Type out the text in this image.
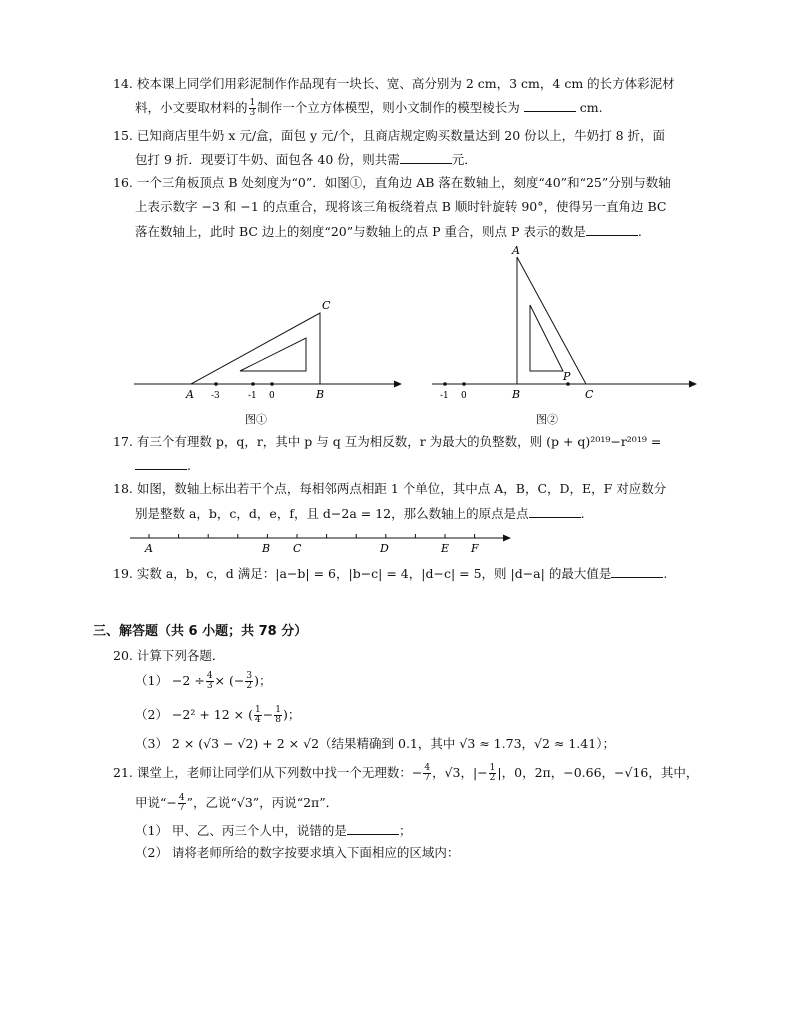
14. 校本课上同学们用彩泥制作作品现有一块长、宽、高分别为 2 cm，3 cm，4 cm 的长方体彩泥材
料，小文要取材料的 $\frac{1}{3}$ 制作一个立方体模型，则小文制作的模型棱长为	cm.
15. 已知商店里牛奶 x 元/盒，面包 y 元/个，且商店规定购买数量达到 20 份以上，牛奶打 8 折，面
包打 9 折．现要订牛奶、面包各 40 份，则共需	元．
16. 一个三角板顶点 B 处刻度为“0”．如图①，直角边 AB 落在数轴上，刻度“40”和“25”分别与数轴
上表示数字 −3 和 −1 的点重合，现将该三角板绕着点 B 顺时针旋转 90°，使得另一直角边 BC
落在数轴上，此时 BC 边上的刻度“20”与数轴上的点 P 重合，则点 P 表示的数是	.
A -3	-1 0	B
C
图①
-1 0	B
P
C
A
图②
17. 有三个有理数 p，q，r，其中 p 与 q 互为相反数，r 为最大的负整数，则 (p + q)²⁰¹⁹−r²⁰¹⁹ =
.
18. 如图，数轴上标出若干个点，每相邻两点相距 1 个单位，其中点 A，B，C，D，E，F 对应数分
别是整数 a，b，c，d，e，f，且 d−2a = 12，那么数轴上的原点是点	.
A	B C	D	E F
19. 实数 a，b，c，d 满足：|a−b| = 6，|b−c| = 4，|d−c| = 5，则 |d−a| 的最大值是	.
三、解答题（共 6 小题；共 78 分）
20. 计算下列各题．
$(1) -2 \div \frac{4}{3}$ × (− $\frac{3}{2}$ )；
（2） −2² + 12 × ( $\frac{1}{4} - \frac{1}{8}$ )；
（3） 2 × (√3 − √2) + 2 × √2（结果精确到 0.1，其中 √3 ≈ 1.73，√2 ≈ 1.41）；
21. 课堂上，老师让同学们从下列数中找一个无理数：− $\frac{4}{7}$ ，√3，|− $\frac{1}{2}$ |，0，2π，−0.66，−√16，其中，
甲说“− $\frac{4}{7}$ ”，乙说“√3”，丙说“2π”．
（1） 甲、乙、丙三个人中，说错的是	；
（2） 请将老师所给的数字按要求填入下面相应的区域内：
